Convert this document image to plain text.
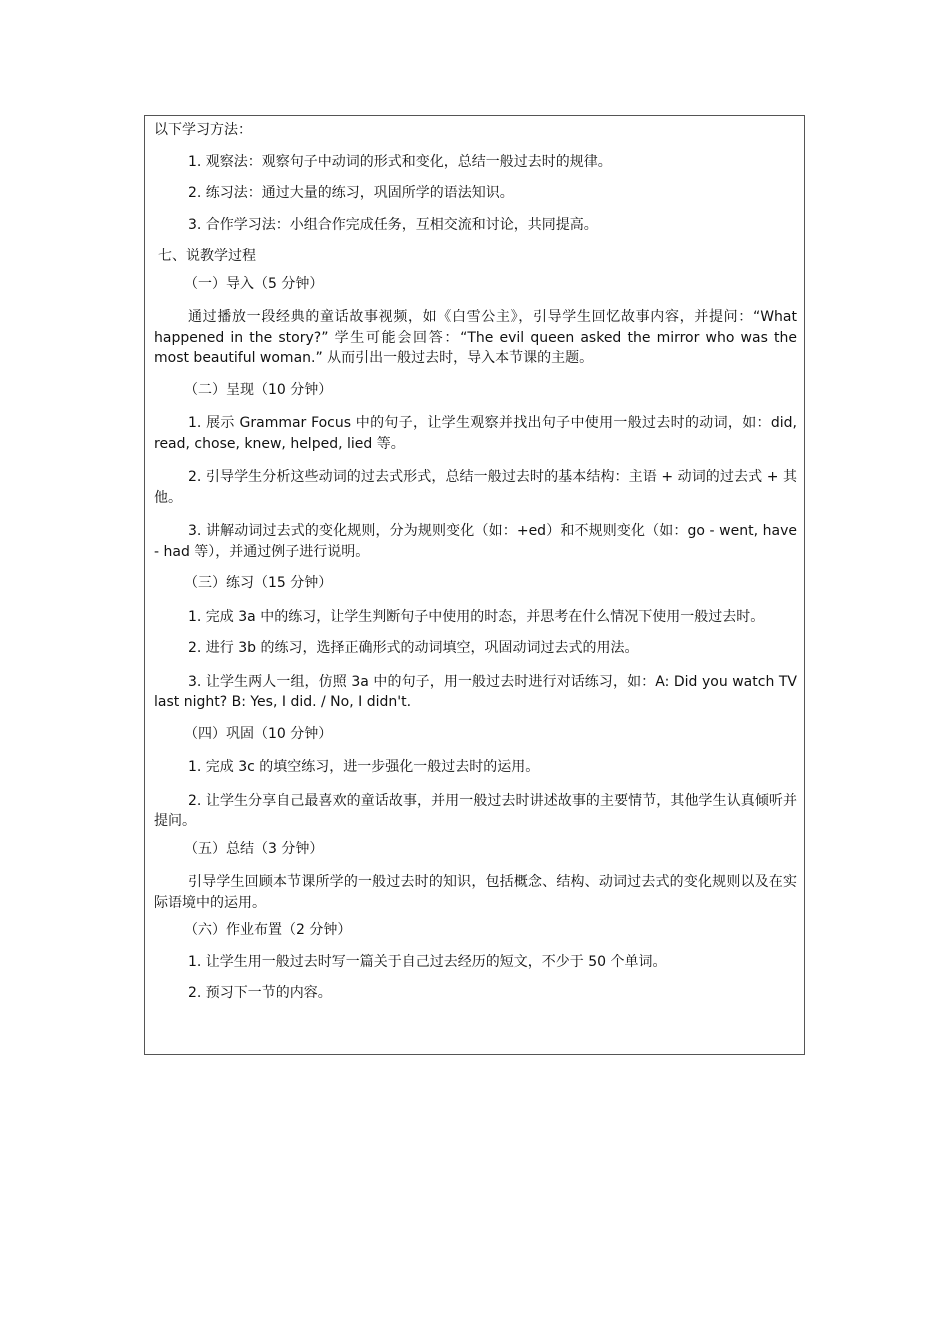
以下学习方法：

1. 观察法：观察句子中动词的形式和变化，总结一般过去时的规律。

2. 练习法：通过大量的练习，巩固所学的语法知识。

3. 合作学习法：小组合作完成任务，互相交流和讨论，共同提高。

七、说教学过程

（一）导入（5 分钟）

通过播放一段经典的童话故事视频，如《白雪公主》，引导学生回忆故事内容，并提问：“What happened in the story?” 学生可能会回答：“The evil queen asked the mirror who was the most beautiful woman.” 从而引出一般过去时，导入本节课的主题。

（二）呈现（10 分钟）

1. 展示 Grammar Focus 中的句子，让学生观察并找出句子中使用一般过去时的动词，如：did, read, chose, knew, helped, lied 等。

2. 引导学生分析这些动词的过去式形式，总结一般过去时的基本结构：主语 + 动词的过去式 + 其他。

3. 讲解动词过去式的变化规则，分为规则变化（如：+ed）和不规则变化（如：go - went, have - had 等），并通过例子进行说明。

（三）练习（15 分钟）

1. 完成 3a 中的练习，让学生判断句子中使用的时态，并思考在什么情况下使用一般过去时。

2. 进行 3b 的练习，选择正确形式的动词填空，巩固动词过去式的用法。

3. 让学生两人一组，仿照 3a 中的句子，用一般过去时进行对话练习，如：A: Did you watch TV last night? B: Yes, I did. / No, I didn't.

（四）巩固（10 分钟）

1. 完成 3c 的填空练习，进一步强化一般过去时的运用。

2. 让学生分享自己最喜欢的童话故事，并用一般过去时讲述故事的主要情节，其他学生认真倾听并提问。

（五）总结（3 分钟）

引导学生回顾本节课所学的一般过去时的知识，包括概念、结构、动词过去式的变化规则以及在实际语境中的运用。

（六）作业布置（2 分钟）

1. 让学生用一般过去时写一篇关于自己过去经历的短文，不少于 50 个单词。

2. 预习下一节的内容。
